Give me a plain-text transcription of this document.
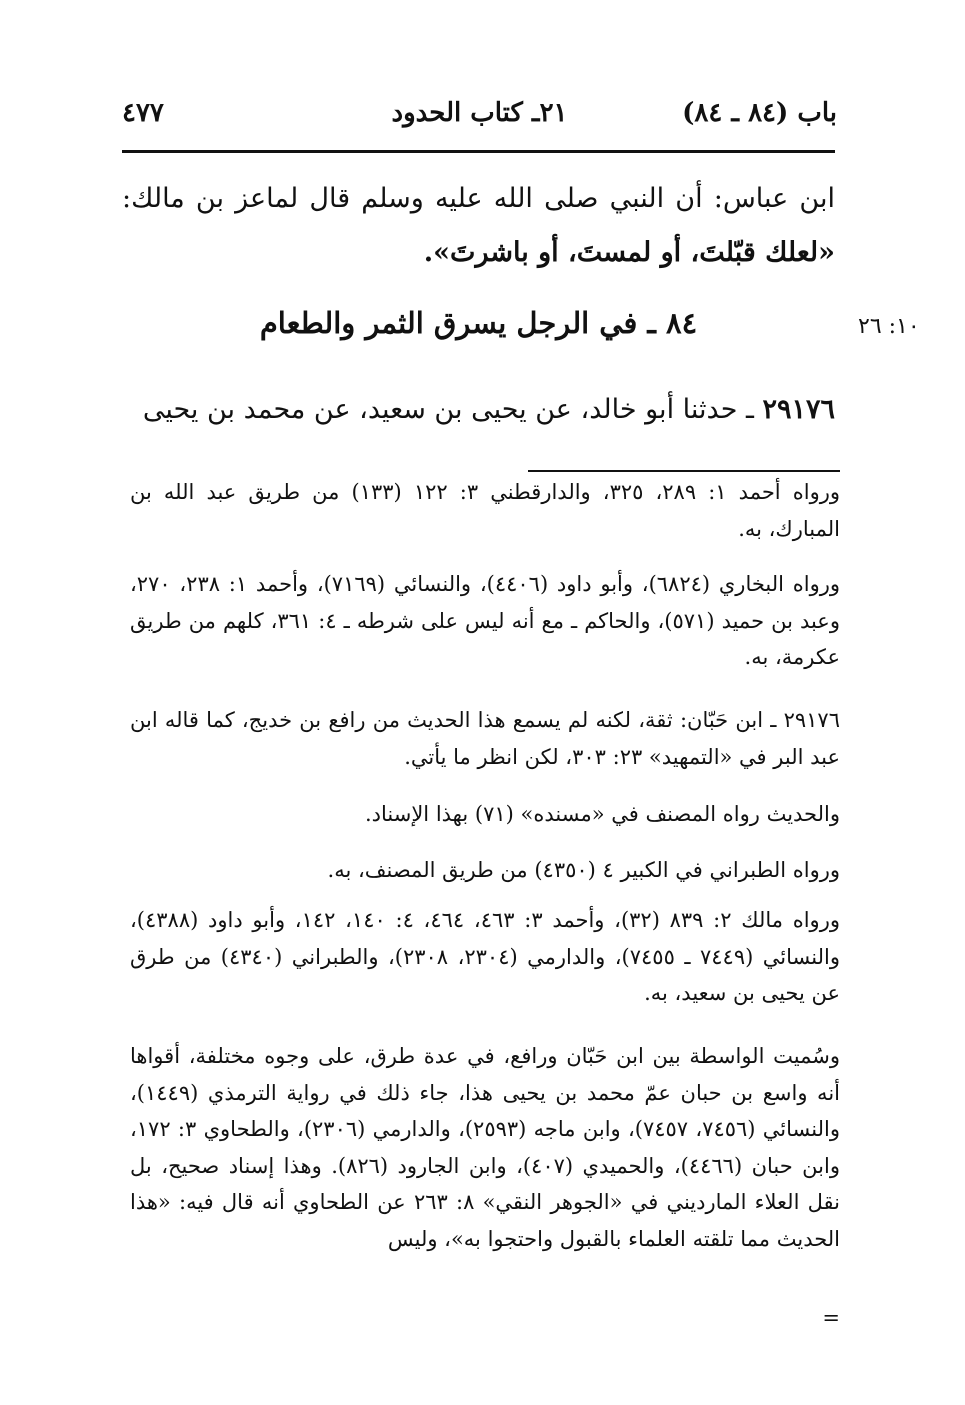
باب (٨٤ ـ ٨٤)
٢١ـ كتاب الحدود
٤٧٧
ابن عباس: أن النبي صلى الله عليه وسلم قال لماعز بن مالك: «لعلك قبّلتَ، أو لمستَ، أو باشرتَ».
١٠: ٢٦
٨٤ ـ في الرجل يسرق الثمر والطعام
٢٩١٧٦ ـ حدثنا أبو خالد، عن يحيى بن سعيد، عن محمد بن يحيى

ورواه أحمد ١: ٢٨٩، ٣٢٥، والدارقطني ٣: ١٢٢ (١٣٣) من طريق عبد الله بن المبارك، به.

ورواه البخاري (٦٨٢٤)، وأبو داود (٤٤٠٦)، والنسائي (٧١٦٩)، وأحمد ١: ٢٣٨، ٢٧٠، وعبد بن حميد (٥٧١)، والحاكم ـ مع أنه ليس على شرطه ـ ٤: ٣٦١، كلهم من طريق عكرمة، به.

٢٩١٧٦ ـ ابن حَبّان: ثقة، لكنه لم يسمع هذا الحديث من رافع بن خديج، كما قاله ابن عبد البر في «التمهيد» ٢٣: ٣٠٣، لكن انظر ما يأتي.

والحديث رواه المصنف في «مسنده» (٧١) بهذا الإسناد.

ورواه الطبراني في الكبير ٤ (٤٣٥٠) من طريق المصنف، به.

ورواه مالك ٢: ٨٣٩ (٣٢)، وأحمد ٣: ٤٦٣، ٤٦٤، ٤: ١٤٠، ١٤٢، وأبو داود (٤٣٨٨)، والنسائي (٧٤٤٩ ـ ٧٤٥٥)، والدارمي (٢٣٠٤، ٢٣٠٨)، والطبراني (٤٣٤٠) من طرق عن يحيى بن سعيد، به.

وسُميت الواسطة بين ابن حَبّان ورافع، في عدة طرق، على وجوه مختلفة، أقواها أنه واسع بن حبان عمّ محمد بن يحيى هذا، جاء ذلك في رواية الترمذي (١٤٤٩)، والنسائي (٧٤٥٦، ٧٤٥٧)، وابن ماجه (٢٥٩٣)، والدارمي (٢٣٠٦)، والطحاوي ٣: ١٧٢، وابن حبان (٤٤٦٦)، والحميدي (٤٠٧)، وابن الجارود (٨٢٦). وهذا إسناد صحيح، بل نقل العلاء المارديني في «الجوهر النقي» ٨: ٢٦٣ عن الطحاوي أنه قال فيه: «هذا الحديث مما تلقته العلماء بالقبول واحتجوا به»، وليس

=
